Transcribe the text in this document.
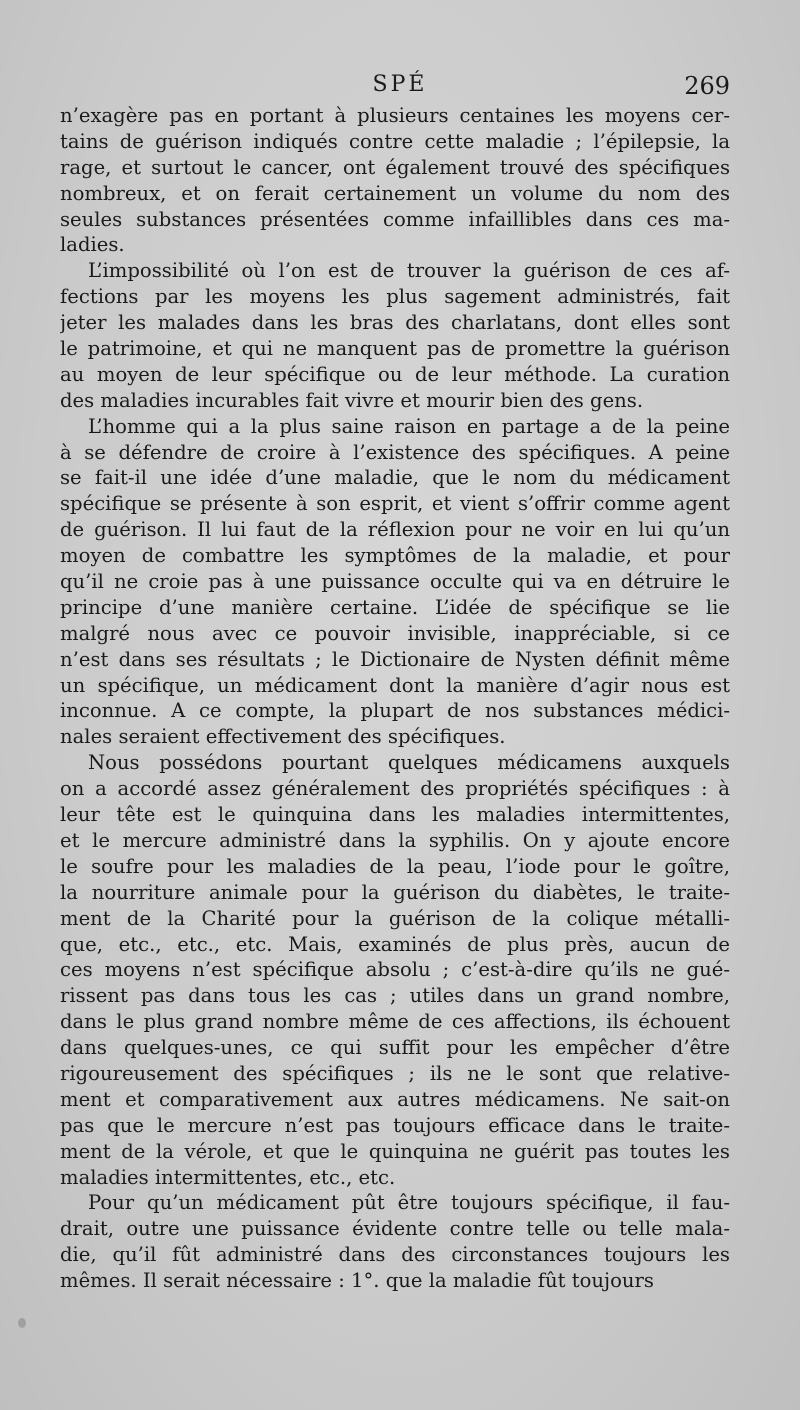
SPÉ	269
n’exagère pas en portant à plusieurs centaines les moyens cer-
tains de guérison indiqués contre cette maladie ; l’épilepsie, la
rage, et surtout le cancer, ont également trouvé des spécifiques
nombreux, et on ferait certainement un volume du nom des
seules substances présentées comme infaillibles dans ces ma-
ladies.
L’impossibilité où l’on est de trouver la guérison de ces af-
fections par les moyens les plus sagement administrés, fait
jeter les malades dans les bras des charlatans, dont elles sont
le patrimoine, et qui ne manquent pas de promettre la guérison
au moyen de leur spécifique ou de leur méthode. La curation
des maladies incurables fait vivre et mourir bien des gens.
L’homme qui a la plus saine raison en partage a de la peine
à se défendre de croire à l’existence des spécifiques. A peine
se fait-il une idée d’une maladie, que le nom du médicament
spécifique se présente à son esprit, et vient s’offrir comme agent
de guérison. Il lui faut de la réflexion pour ne voir en lui qu’un
moyen de combattre les symptômes de la maladie, et pour
qu’il ne croie pas à une puissance occulte qui va en détruire le
principe d’une manière certaine. L’idée de spécifique se lie
malgré nous avec ce pouvoir invisible, inappréciable, si ce
n’est dans ses résultats ; le Dictionaire de Nysten définit même
un spécifique, un médicament dont la manière d’agir nous est
inconnue. A ce compte, la plupart de nos substances médici-
nales seraient effectivement des spécifiques.
Nous possédons pourtant quelques médicamens auxquels
on a accordé assez généralement des propriétés spécifiques : à
leur tête est le quinquina dans les maladies intermittentes,
et le mercure administré dans la syphilis. On y ajoute encore
le soufre pour les maladies de la peau, l’iode pour le goître,
la nourriture animale pour la guérison du diabètes, le traite-
ment de la Charité pour la guérison de la colique métalli-
que, etc., etc., etc. Mais, examinés de plus près, aucun de
ces moyens n’est spécifique absolu ; c’est-à-dire qu’ils ne gué-
rissent pas dans tous les cas ; utiles dans un grand nombre,
dans le plus grand nombre même de ces affections, ils échouent
dans quelques-unes, ce qui suffit pour les empêcher d’être
rigoureusement des spécifiques ; ils ne le sont que relative-
ment et comparativement aux autres médicamens. Ne sait-on
pas que le mercure n’est pas toujours efficace dans le traite-
ment de la vérole, et que le quinquina ne guérit pas toutes les
maladies intermittentes, etc., etc.
Pour qu’un médicament pût être toujours spécifique, il fau-
drait, outre une puissance évidente contre telle ou telle mala-
die, qu’il fût administré dans des circonstances toujours les
mêmes. Il serait nécessaire : 1°. que la maladie fût toujours
